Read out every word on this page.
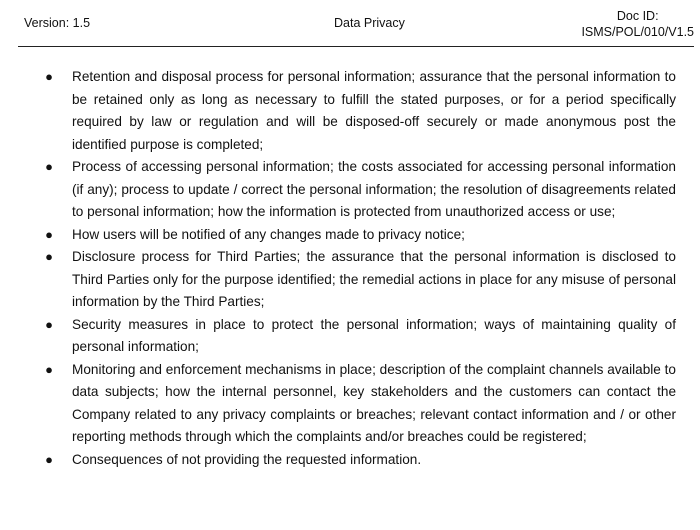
Version: 1.5	Data Privacy	Doc ID:
ISMS/POL/010/V1.5
● Retention and disposal process for personal information; assurance that the personal information to be retained only as long as necessary to fulfill the stated purposes, or for a period specifically required by law or regulation and will be disposed-off securely or made anonymous post the identified purpose is completed;
● Process of accessing personal information; the costs associated for accessing personal information (if any); process to update / correct the personal information; the resolution of disagreements related to personal information; how the information is protected from unauthorized access or use;
● How users will be notified of any changes made to privacy notice;
● Disclosure process for Third Parties; the assurance that the personal information is disclosed to Third Parties only for the purpose identified; the remedial actions in place for any misuse of personal information by the Third Parties;
● Security measures in place to protect the personal information; ways of maintaining quality of personal information;
● Monitoring and enforcement mechanisms in place; description of the complaint channels available to data subjects; how the internal personnel, key stakeholders and the customers can contact the Company related to any privacy complaints or breaches; relevant contact information and / or other reporting methods through which the complaints and/or breaches could be registered;
● Consequences of not providing the requested information.
